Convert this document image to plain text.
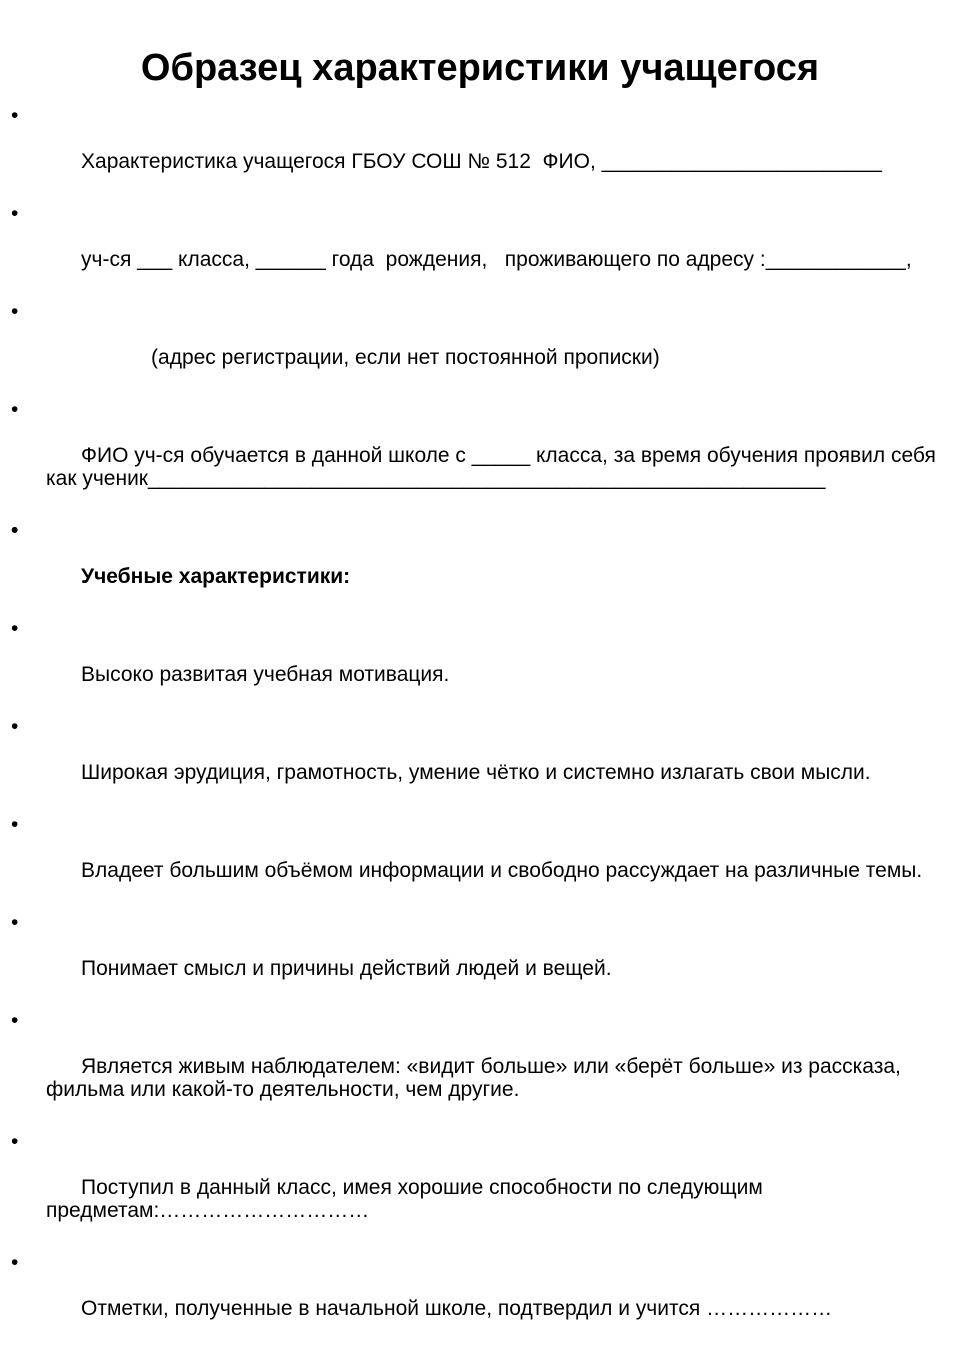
Образец характеристики учащегося

•

Характеристика учащегося ГБОУ СОШ № 512  ФИО, ________________________

•

уч-ся ___ класса, ______ года  рождения,   проживающего по адресу :____________,

•

(адрес регистрации, если нет постоянной прописки)

•

ФИО уч-ся обучается в данной школе с _____ класса, за время обучения проявил себя как ученик__________________________________________________________

•

Учебные характеристики:

•

Высоко развитая учебная мотивация.

•

Широкая эрудиция, грамотность, умение чётко и системно излагать свои мысли.

•

Владеет большим объёмом информации и свободно рассуждает на различные темы.

•

Понимает смысл и причины действий людей и вещей.

•

Является живым наблюдателем: «видит больше» или «берёт больше» из рассказа, фильма или какой-то деятельности, чем другие.

•

Поступил в данный класс, имея хорошие способности по следующим предметам:…………………………

•

Отметки, полученные в начальной школе, подтвердил и учится ………………
